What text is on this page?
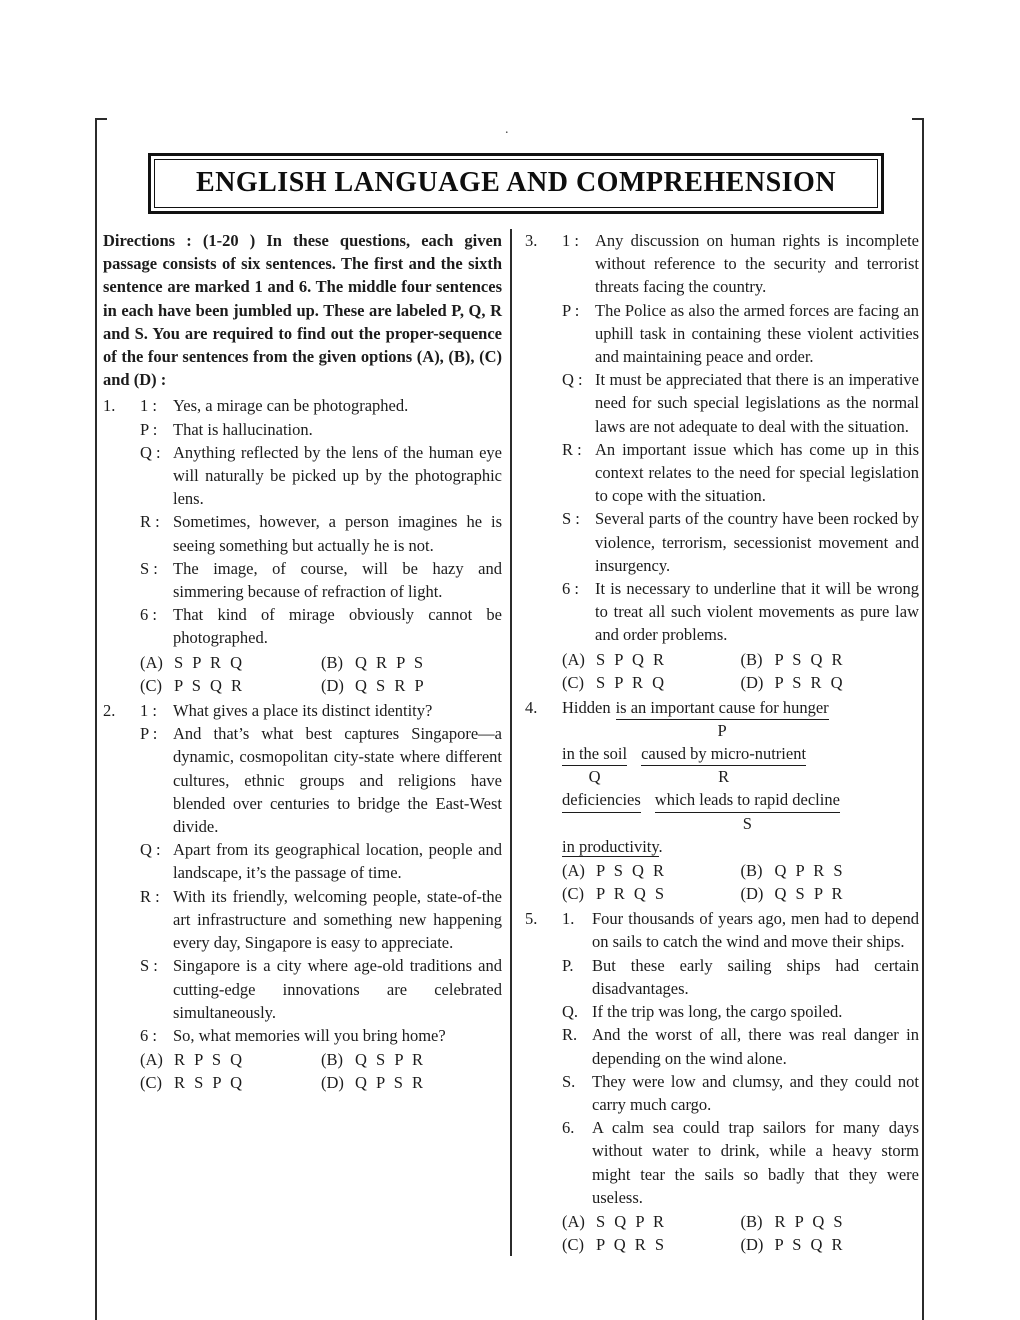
.
ENGLISH LANGUAGE AND COMPREHENSION
Directions : (1-20 ) In these questions, each given passage consists of six sentences. The first and the sixth sentence are marked 1 and 6. The middle four sentences in each have been jumbled up. These are labeled P, Q, R and S. You are required to find out the proper-sequence of the four sentences from the given options (A), (B), (C) and (D) :
1.	1 : Yes, a mirage can be photographed.
P : That is hallucination.
Q : Anything reflected by the lens of the human eye will naturally be picked up by the photographic lens.
R : Sometimes, however, a person imagines he is seeing something but actually he is not.
S : The image, of course, will be hazy and simmering because of refraction of light.
6 : That kind of mirage obviously cannot be photographed.
(A) S P R Q	(B) Q R P S
(C) P S Q R	(D) Q S R P
2.	1 : What gives a place its distinct identity?
P : And that’s what best captures Singapore—a dynamic, cosmopolitan city-state where different cultures, ethnic groups and religions have blended over centuries to bridge the East-West divide.
Q : Apart from its geographical location, people and landscape, it’s the passage of time.
R : With its friendly, welcoming people, state-of-the art infrastructure and something new happening every day, Singapore is easy to appreciate.
S : Singapore is a city where age-old traditions and cutting-edge innovations are celebrated simultaneously.
6 : So, what memories will you bring home?
(A) R P S Q	(B) Q S P R
(C) R S P Q	(D) Q P S R
3.	1 : Any discussion on human rights is incomplete without reference to the security and terrorist threats facing the country.
P : The Police as also the armed forces are facing an uphill task in containing these violent activities and maintaining peace and order.
Q : It must be appreciated that there is an imperative need for such special legislations as the normal laws are not adequate to deal with the situation.
R : An important issue which has come up in this context relates to the need for special legislation to cope with the situation.
S : Several parts of the country have been rocked by violence, terrorism, secessionist movement and insurgency.
6 : It is necessary to underline that it will be wrong to treat all such violent movements as pure law and order problems.
(A) S P Q R	(B) P S Q R
(C) S P R Q	(D) P S R Q
4.	Hidden is an important cause for hunger
P
in the soil
Q
caused by micro-nutrient
R
deficiencies which leads to rapid decline
S
in productivity.
(A) P S Q R	(B) Q P R S
(C) P R Q S	(D) Q S P R
5.	1.	Four thousands of years ago, men had to depend on sails to catch the wind and move their ships.
P.	But these early sailing ships had certain disadvantages.
Q. If the trip was long, the cargo spoiled.
R. And the worst of all, there was real danger in depending on the wind alone.
S.	They were low and clumsy, and they could not carry much cargo.
6.	A calm sea could trap sailors for many days without water to drink, while a heavy storm might tear the sails so badly that they were useless.
(A) S Q P R	(B) R P Q S
(C) P Q R S	(D) P S Q R
